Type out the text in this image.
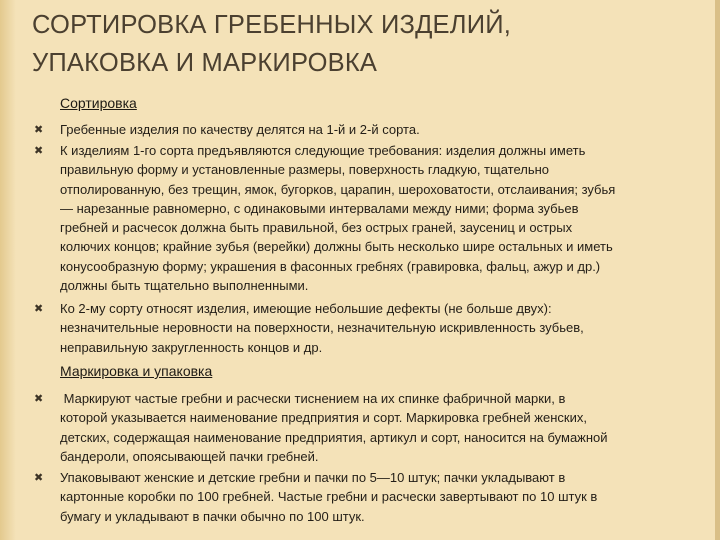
СОРТИРОВКА ГРЕБЕННЫХ ИЗДЕЛИЙ,
УПАКОВКА И МАРКИРОВКА
Сортировка
✖ Гребенные изделия по качеству делятся на 1-й и 2-й сорта.
✖ К изделиям 1-го сорта предъявляются следующие требования: изделия должны иметь
правильную форму и установленные размеры, поверхность гладкую, тщательно
отполированную, без трещин, ямок, бугорков, царапин, шероховатости, отслаивания; зубья
— нарезанные равномерно, с одинаковыми интервалами между ними; форма зубьев
гребней и расчесок должна быть правильной, без острых граней, заусениц и острых
колючих концов; крайние зубья (верейки) должны быть несколько шире остальных и иметь
конусообразную форму; украшения в фасонных гребнях (гравировка, фальц, ажур и др.)
должны быть тщательно выполненными.
✖ Ко 2-му сорту относят изделия, имеющие небольшие дефекты (не больше двух):
незначительные неровности на поверхности, незначительную искривленность зубьев,
неправильную закругленность концов и др.
Маркировка и упаковка
✖ Маркируют частые гребни и расчески тиснением на их спинке фабричной марки, в
которой указывается наименование предприятия и сорт. Маркировка гребней женских,
детских, содержащая наименование предприятия, артикул и сорт, наносится на бумажной
бандероли, опоясывающей пачки гребней.
✖ Упаковывают женские и детские гребни и пачки по 5—10 штук; пачки укладывают в
картонные коробки по 100 гребней. Частые гребни и расчески завертывают по 10 штук в
бумагу и укладывают в пачки обычно по 100 штук.
